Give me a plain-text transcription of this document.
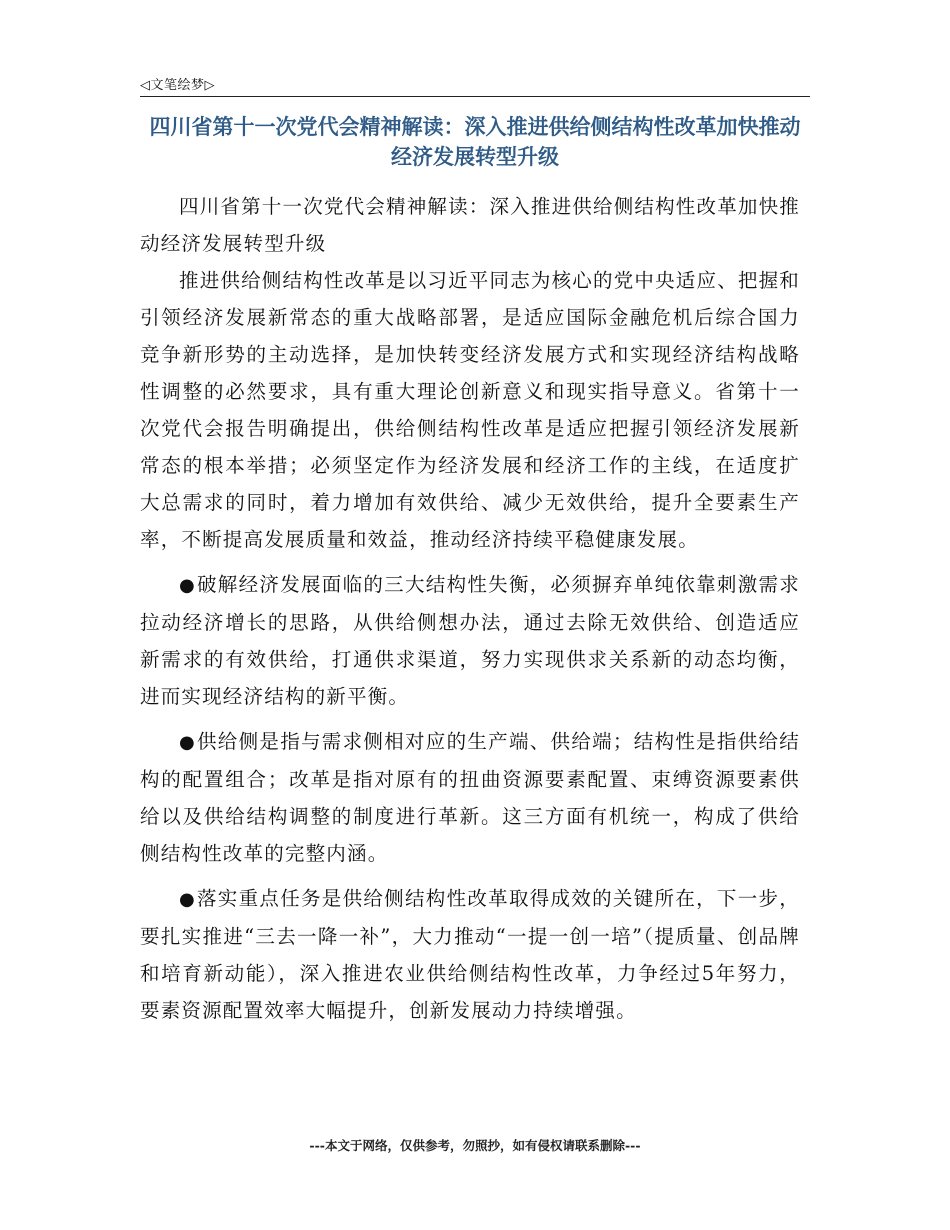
◁文笔绘梦▷
四川省第十一次党代会精神解读：深入推进供给侧结构性改革加快推动经济发展转型升级

四川省第十一次党代会精神解读：深入推进供给侧结构性改革加快推动经济发展转型升级

推进供给侧结构性改革是以习近平同志为核心的党中央适应、把握和引领经济发展新常态的重大战略部署，是适应国际金融危机后综合国力竞争新形势的主动选择，是加快转变经济发展方式和实现经济结构战略性调整的必然要求，具有重大理论创新意义和现实指导意义。省第十一次党代会报告明确提出，供给侧结构性改革是适应把握引领经济发展新常态的根本举措；必须坚定作为经济发展和经济工作的主线，在适度扩大总需求的同时，着力增加有效供给、减少无效供给，提升全要素生产率，不断提高发展质量和效益，推动经济持续平稳健康发展。

●破解经济发展面临的三大结构性失衡，必须摒弃单纯依靠刺激需求拉动经济增长的思路，从供给侧想办法，通过去除无效供给、创造适应新需求的有效供给，打通供求渠道，努力实现供求关系新的动态均衡，进而实现经济结构的新平衡。

●供给侧是指与需求侧相对应的生产端、供给端；结构性是指供给结构的配置组合；改革是指对原有的扭曲资源要素配置、束缚资源要素供给以及供给结构调整的制度进行革新。这三方面有机统一，构成了供给侧结构性改革的完整内涵。

●落实重点任务是供给侧结构性改革取得成效的关键所在，下一步，要扎实推进“三去一降一补”，大力推动“一提一创一培”（提质量、创品牌和培育新动能），深入推进农业供给侧结构性改革，力争经过5年努力，要素资源配置效率大幅提升，创新发展动力持续增强。

---本文于网络，仅供参考，勿照抄，如有侵权请联系删除---
